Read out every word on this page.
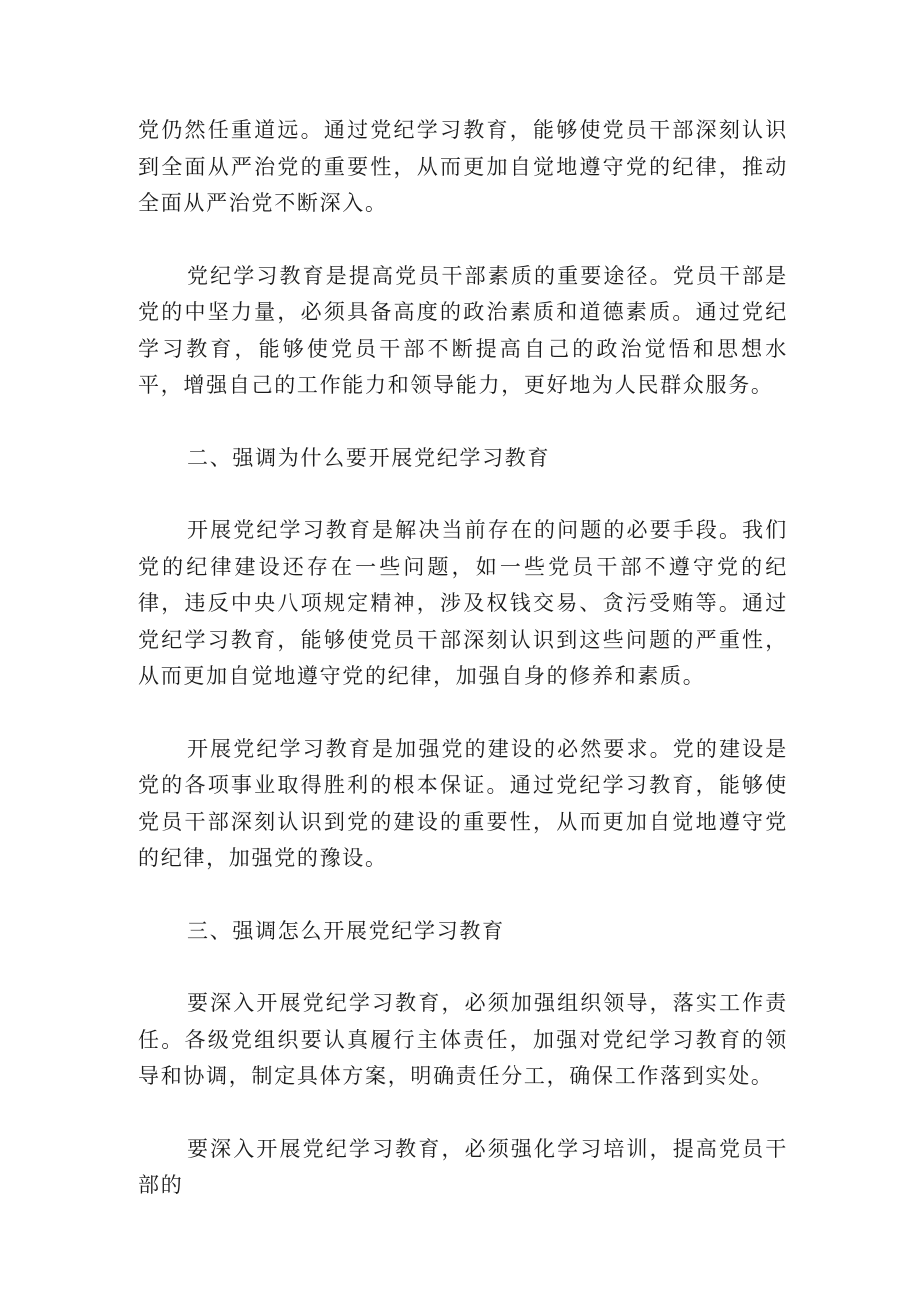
党仍然任重道远。通过党纪学习教育，能够使党员干部深刻认识到全面从严治党的重要性，从而更加自觉地遵守党的纪律，推动全面从严治党不断深入。

党纪学习教育是提高党员干部素质的重要途径。党员干部是党的中坚力量，必须具备高度的政治素质和道德素质。通过党纪学习教育，能够使党员干部不断提高自己的政治觉悟和思想水平，增强自己的工作能力和领导能力，更好地为人民群众服务。

二、强调为什么要开展党纪学习教育

开展党纪学习教育是解决当前存在的问题的必要手段。我们党的纪律建设还存在一些问题，如一些党员干部不遵守党的纪律，违反中央八项规定精神，涉及权钱交易、贪污受贿等。通过党纪学习教育，能够使党员干部深刻认识到这些问题的严重性，从而更加自觉地遵守党的纪律，加强自身的修养和素质。

开展党纪学习教育是加强党的建设的必然要求。党的建设是党的各项事业取得胜利的根本保证。通过党纪学习教育，能够使党员干部深刻认识到党的建设的重要性，从而更加自觉地遵守党的纪律，加强党的豫设。

三、强调怎么开展党纪学习教育

要深入开展党纪学习教育，必须加强组织领导，落实工作责任。各级党组织要认真履行主体责任，加强对党纪学习教育的领导和协调，制定具体方案，明确责任分工，确保工作落到实处。

要深入开展党纪学习教育，必须强化学习培训，提高党员干部的
